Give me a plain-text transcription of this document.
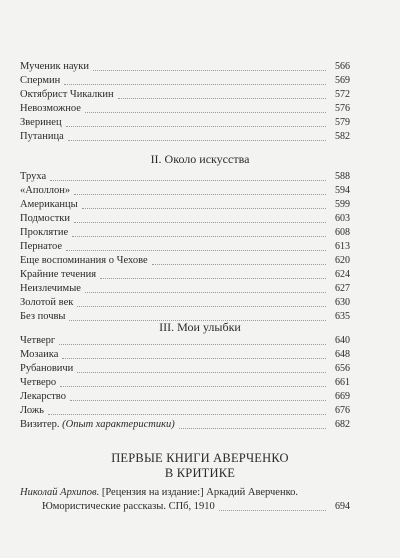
Мученик науки	566
Спермин	569
Октябрист Чикалкин	572
Невозможное	576
Зверинец	579
Путаница	582
II. Около искусства
Труха	588
«Аполлон»	594
Американцы	599
Подмостки	603
Проклятие	608
Пернатое	613
Еще воспоминания о Чехове	620
Крайние течения	624
Неизлечимые	627
Золотой век	630
Без почвы	635
III. Мои улыбки
Четверг	640
Мозаика	648
Рубановичи	656
Четверо	661
Лекарство	669
Ложь	676
Визитер. (Опыт характеристики)	682
ПЕРВЫЕ КНИГИ АВЕРЧЕНКО
В КРИТИКЕ
Николай Архипов. [Рецензия на издание:] Аркадий Аверченко.
Юмористические рассказы. СПб, 1910	694
